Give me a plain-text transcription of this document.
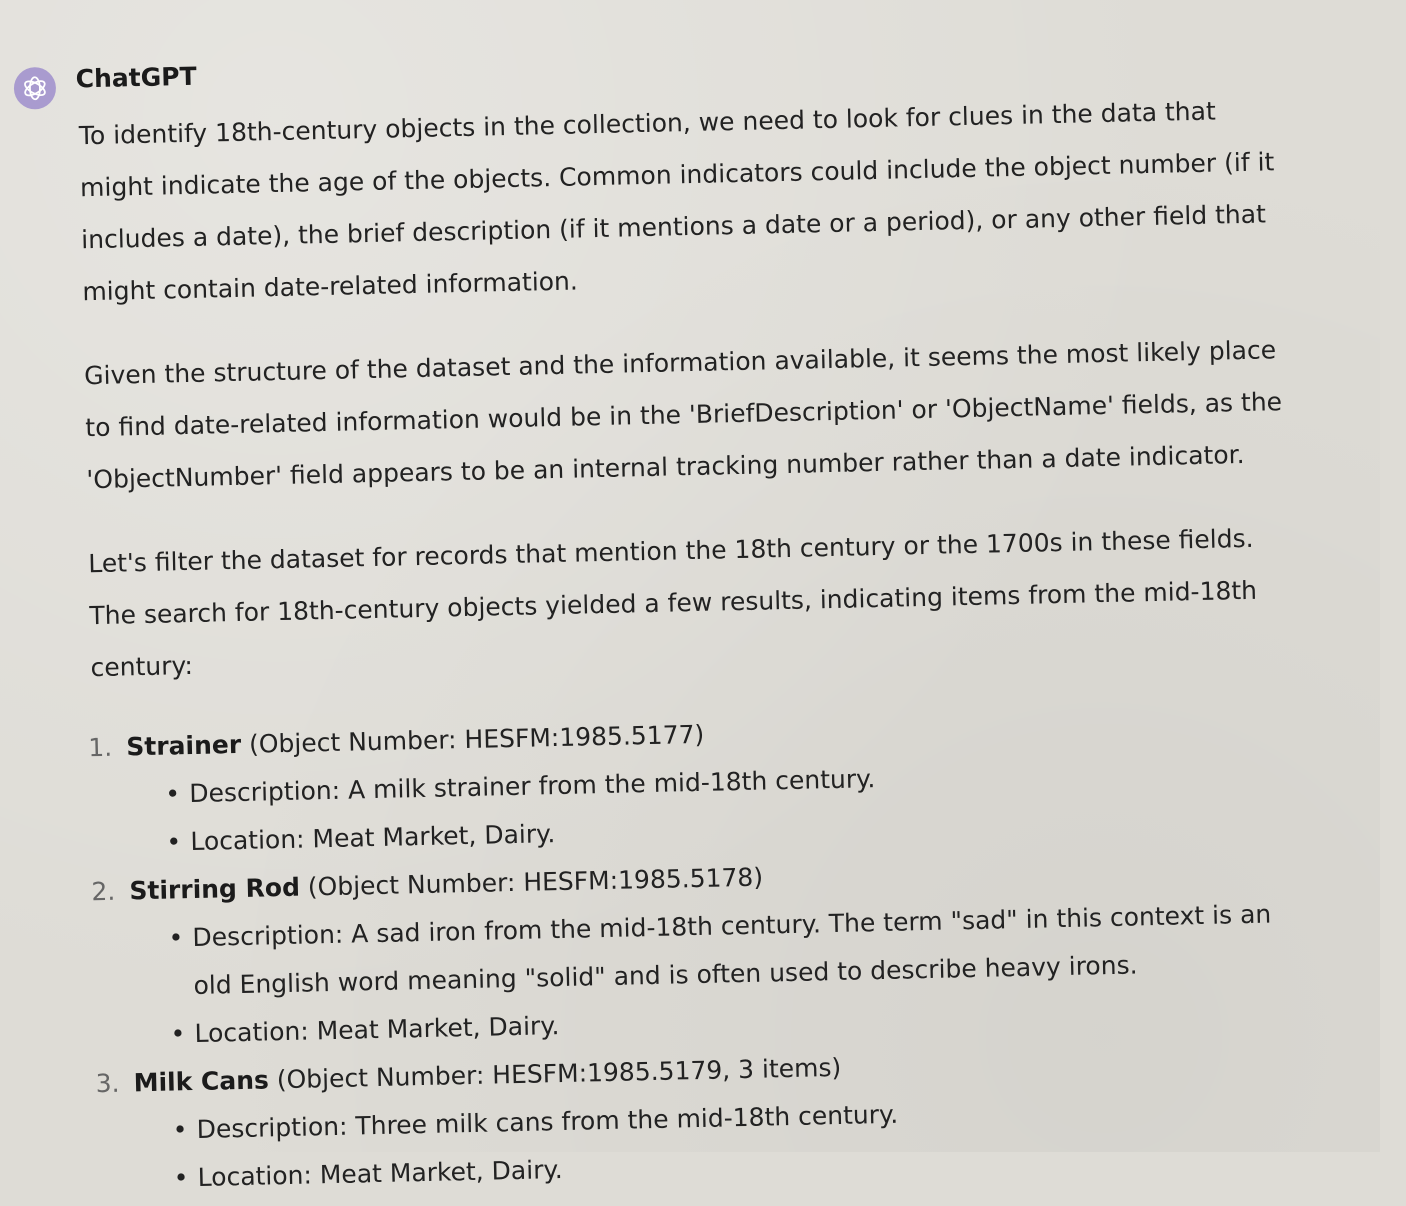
ChatGPT

To identify 18th-century objects in the collection, we need to look for clues in the data that might indicate the age of the objects. Common indicators could include the object number (if it includes a date), the brief description (if it mentions a date or a period), or any other field that might contain date-related information.

Given the structure of the dataset and the information available, it seems the most likely place to find date-related information would be in the 'BriefDescription' or 'ObjectName' fields, as the 'ObjectNumber' field appears to be an internal tracking number rather than a date indicator.

Let's filter the dataset for records that mention the 18th century or the 1700s in these fields.

The search for 18th-century objects yielded a few results, indicating items from the mid-18th century:

1. Strainer (Object Number: HESFM:1985.5177)
• Description: A milk strainer from the mid-18th century.
• Location: Meat Market, Dairy.
2. Stirring Rod (Object Number: HESFM:1985.5178)
• Description: A sad iron from the mid-18th century. The term "sad" in this context is an old English word meaning "solid" and is often used to describe heavy irons.
• Location: Meat Market, Dairy.
3. Milk Cans (Object Number: HESFM:1985.5179, 3 items)
• Description: Three milk cans from the mid-18th century.
• Location: Meat Market, Dairy.
